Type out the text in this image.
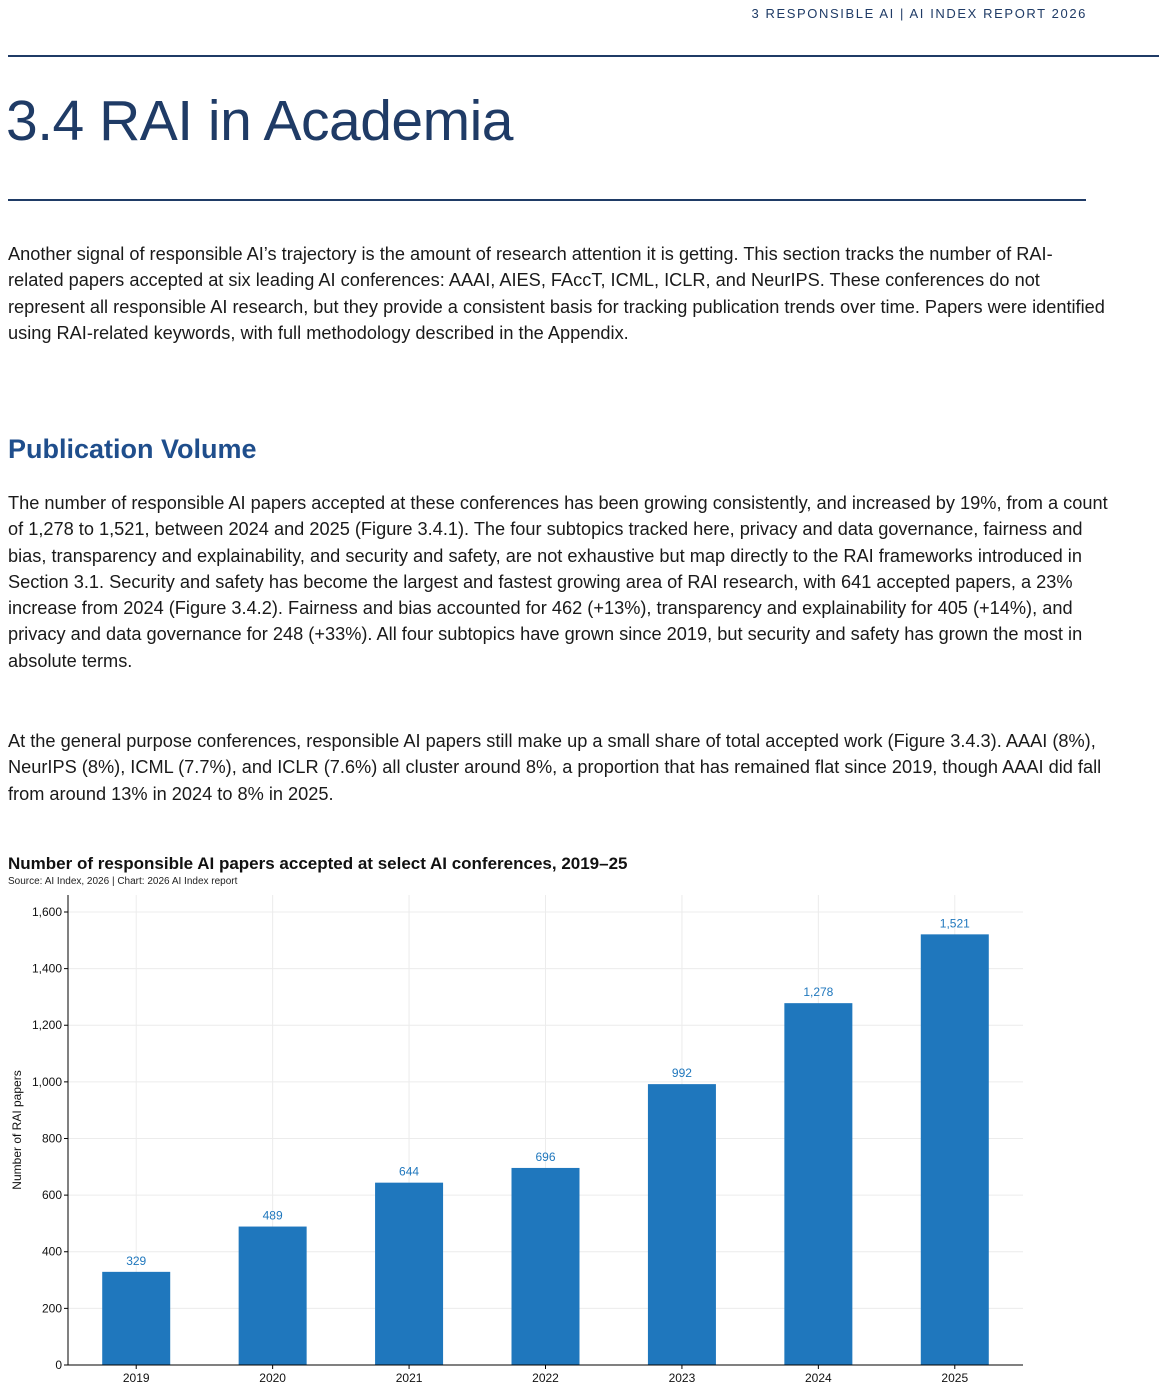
3 RESPONSIBLE AI | AI INDEX REPORT 2026
3.4 RAI in Academia

Another signal of responsible AI’s trajectory is the amount of research attention it is getting. This section tracks the number of RAI-related papers accepted at six leading AI conferences: AAAI, AIES, FAccT, ICML, ICLR, and NeurIPS. These conferences do not represent all responsible AI research, but they provide a consistent basis for tracking publication trends over time. Papers were identified using RAI-related keywords, with full methodology described in the Appendix.

Publication Volume

The number of responsible AI papers accepted at these conferences has been growing consistently, and increased by 19%, from a count of 1,278 to 1,521, between 2024 and 2025 (Figure 3.4.1). The four subtopics tracked here, privacy and data governance, fairness and bias, transparency and explainability, and security and safety, are not exhaustive but map directly to the RAI frameworks introduced in Section 3.1. Security and safety has become the largest and fastest growing area of RAI research, with 641 accepted papers, a 23% increase from 2024 (Figure 3.4.2). Fairness and bias accounted for 462 (+13%), transparency and explainability for 405 (+14%), and privacy and data governance for 248 (+33%). All four subtopics have grown since 2019, but security and safety has grown the most in absolute terms.

At the general purpose conferences, responsible AI papers still make up a small share of total accepted work (Figure 3.4.3). AAAI (8%), NeurIPS (8%), ICML (7.7%), and ICLR (7.6%) all cluster around 8%, a proportion that has remained flat since 2019, though AAAI did fall from around 13% in 2024 to 8% in 2025.

Number of responsible AI papers accepted at select AI conferences, 2019–25
Source: AI Index, 2026 | Chart: 2026 AI Index report
0
200
400
600
800
1,000
1,200
1,400
1,600
329
2019
489
2020
644
2021
696
2022
992
2023
1,278
2024
1,521
2025
Number of RAI papers
